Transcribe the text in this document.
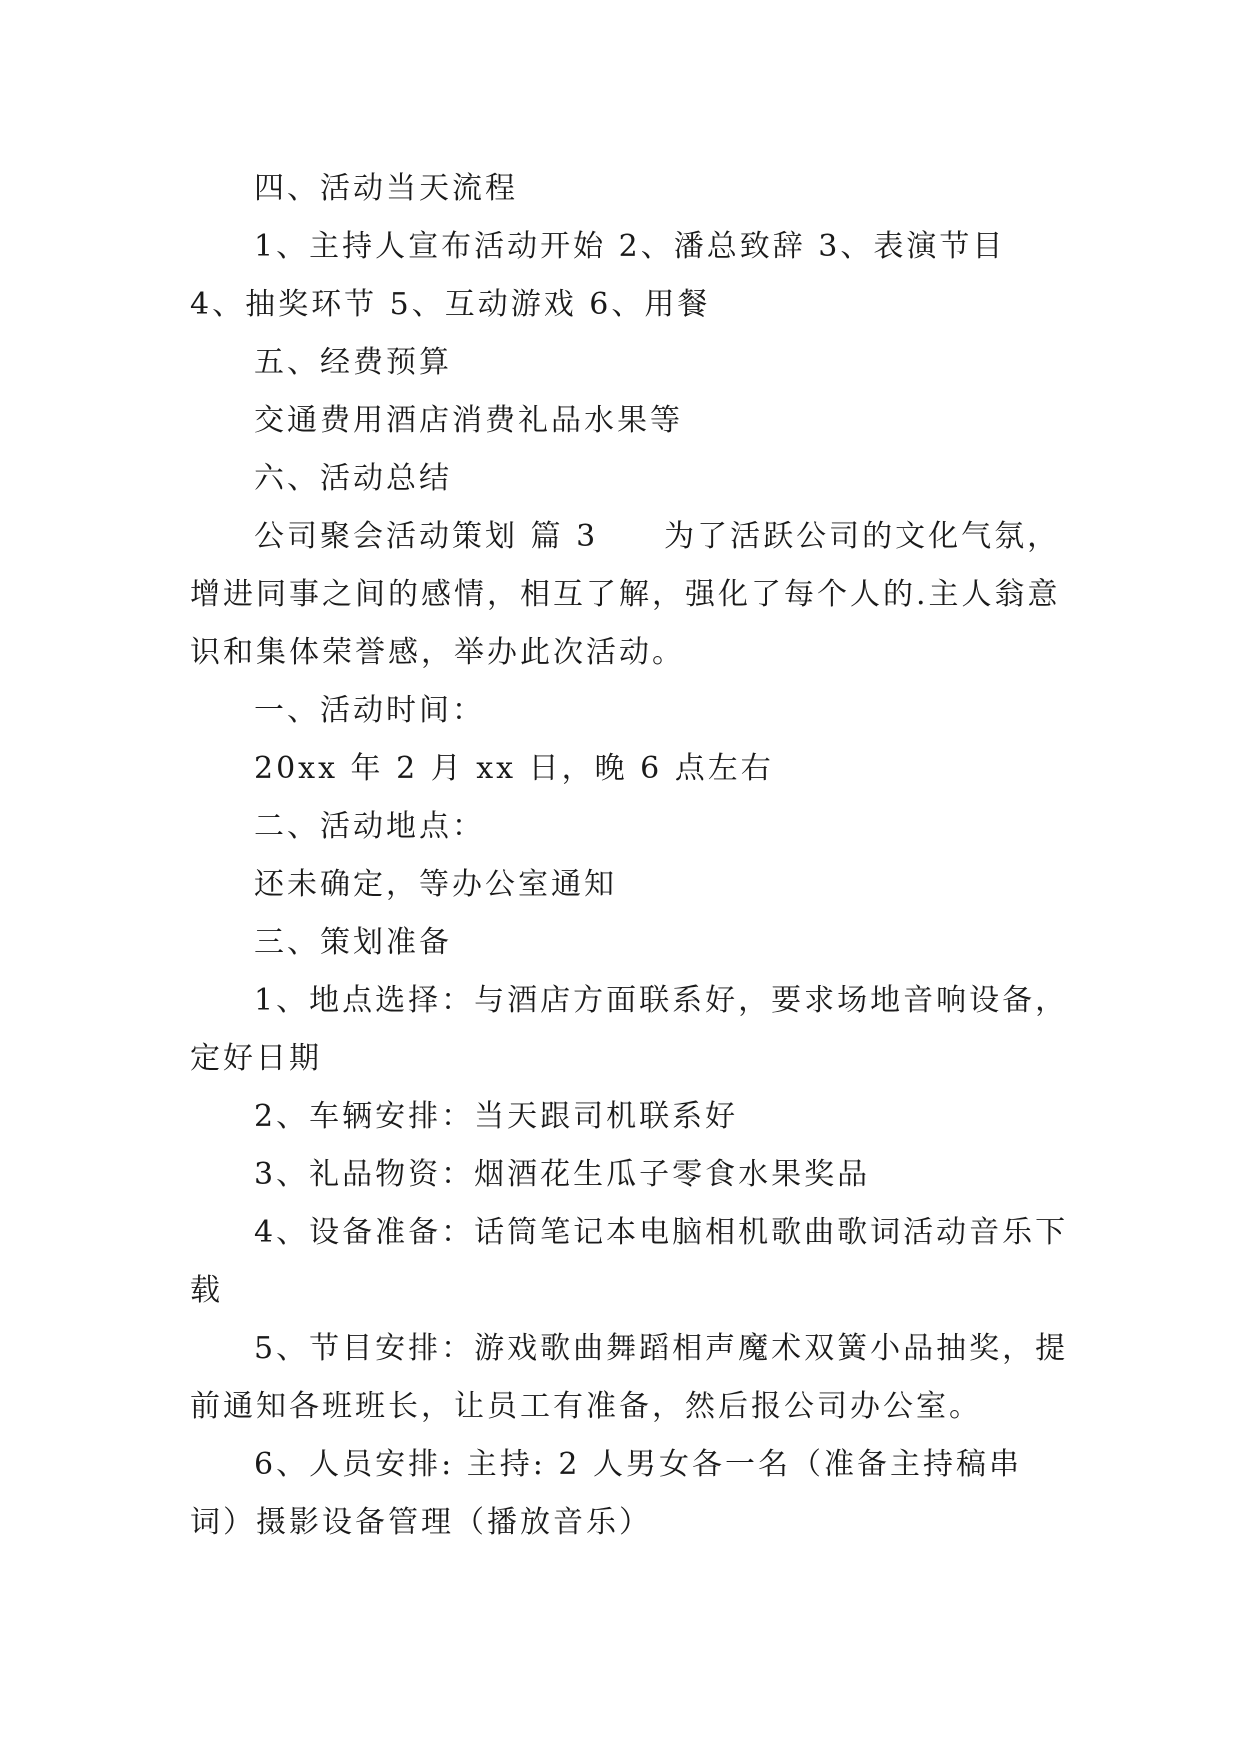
四、活动当天流程

1、主持人宣布活动开始 2、潘总致辞 3、表演节目 4、抽奖环节 5、互动游戏 6、用餐

五、经费预算

交通费用酒店消费礼品水果等

六、活动总结

公司聚会活动策划 篇 3　　为了活跃公司的文化气氛，增进同事之间的感情，相互了解，强化了每个人的.主人翁意识和集体荣誉感，举办此次活动。

一、活动时间：

20xx 年 2 月 xx 日，晚 6 点左右

二、活动地点：

还未确定，等办公室通知

三、策划准备

1、地点选择：与酒店方面联系好，要求场地音响设备，定好日期

2、车辆安排：当天跟司机联系好

3、礼品物资：烟酒花生瓜子零食水果奖品

4、设备准备：话筒笔记本电脑相机歌曲歌词活动音乐下载

5、节目安排：游戏歌曲舞蹈相声魔术双簧小品抽奖，提前通知各班班长，让员工有准备，然后报公司办公室。

6、人员安排: 主持: 2 人男女各一名（准备主持稿串词）摄影设备管理（播放音乐）
